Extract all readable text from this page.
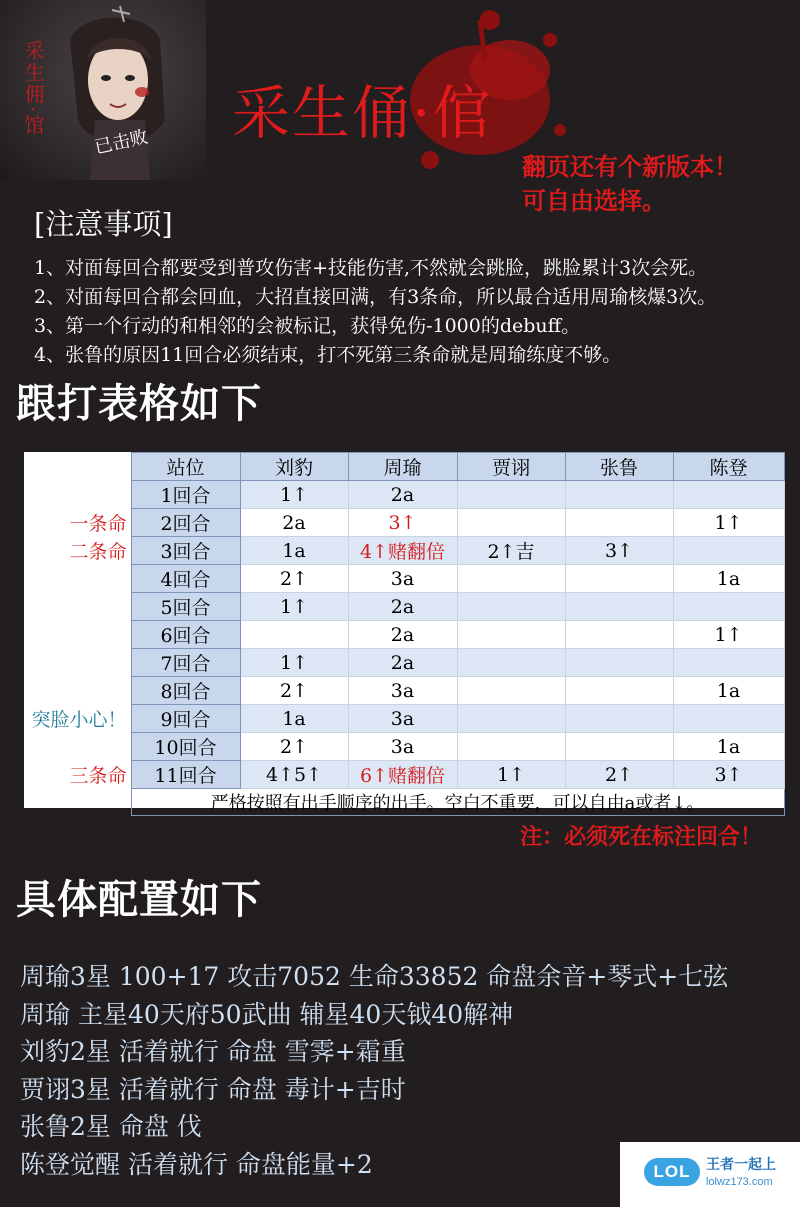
采生佣·馆
已击败 采生俑·倌
翻页还有个新版本！
可自由选择。
[注意事项]
1、对面每回合都要受到普攻伤害+技能伤害,不然就会跳脸，跳脸累计3次会死。
2、对面每回合都会回血，大招直接回满，有3条命，所以最合适用周瑜核爆3次。
3、第一个行动的和相邻的会被标记，获得免伤-1000的debuff。
4、张鲁的原因11回合必须结束，打不死第三条命就是周瑜练度不够。
跟打表格如下
	站位	刘豹	周瑜	贾诩	张鲁	陈登
	1回合	1↑	2a			
一条命	2回合	2a	3↑			1↑
二条命	3回合	1a	4↑赌翻倍	2↑吉	3↑	
	4回合	2↑	3a			1a
	5回合	1↑	2a			
	6回合		2a			1↑
	7回合	1↑	2a			
	8回合	2↑	3a			1a
突脸小心！	9回合	1a	3a			
	10回合	2↑	3a			1a
三条命	11回合	4↑5↑	6↑赌翻倍	1↑	2↑	3↑
	严格按照有出手顺序的出手。空白不重要，可以自由a或者↓。					
注：必须死在标注回合！
具体配置如下
周瑜3星 100+17 攻击7052 生命33852 命盘余音+琴式+七弦
周瑜 主星40天府50武曲 辅星40天钺40解神
刘豹2星 活着就行 命盘 雪霁+霜重
贾诩3星 活着就行 命盘 毒计+吉时
张鲁2星 命盘 伐
陈登觉醒 活着就行 命盘能量+2	LOL	王者一起上
lolwz173.com
